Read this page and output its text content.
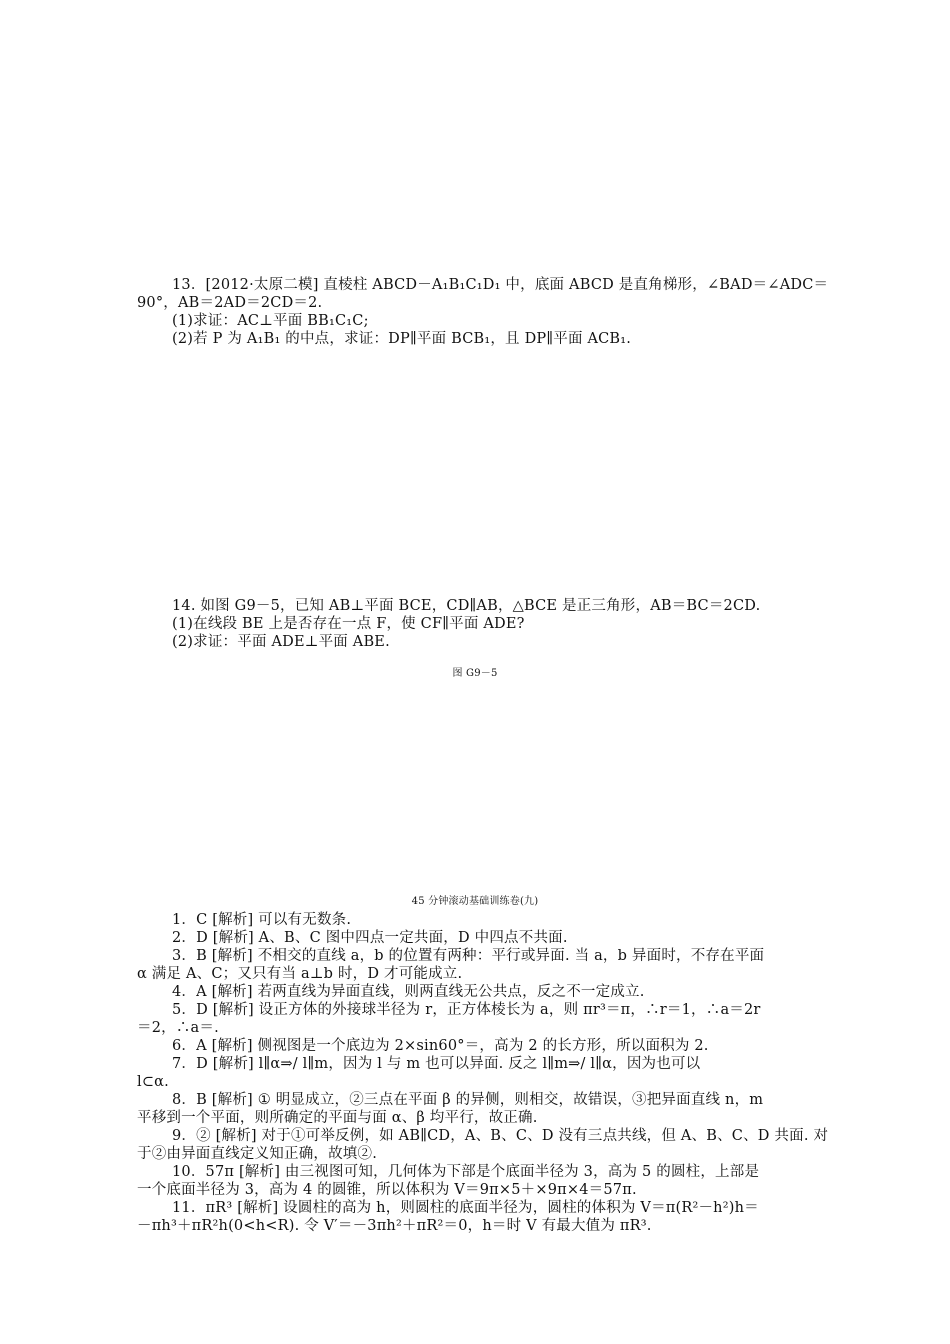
13．[2012·太原二模] 直棱柱 ABCD－A₁B₁C₁D₁ 中，底面 ABCD 是直角梯形，∠BAD＝∠ADC＝
90°，AB＝2AD＝2CD＝2.
(1)求证：AC⊥平面 BB₁C₁C;
(2)若 P 为 A₁B₁ 的中点，求证：DP∥平面 BCB₁，且 DP∥平面 ACB₁.
14. 如图 G9－5，已知 AB⊥平面 BCE，CD∥AB，△BCE 是正三角形，AB＝BC＝2CD.
(1)在线段 BE 上是否存在一点 F，使 CF∥平面 ADE?
(2)求证：平面 ADE⊥平面 ABE.
图 G9－5
45 分钟滚动基础训练卷(九)
1．C [解析] 可以有无数条.
2．D [解析] A、B、C 图中四点一定共面，D 中四点不共面.
3．B [解析] 不相交的直线 a，b 的位置有两种：平行或异面. 当 a，b 异面时，不存在平面
α 满足 A、C；又只有当 a⊥b 时，D 才可能成立.
4．A [解析] 若两直线为异面直线，则两直线无公共点，反之不一定成立.
5．D [解析] 设正方体的外接球半径为 r，正方体棱长为 a，则 πr³＝π，∴r＝1，∴a＝2r
＝2，∴a＝.
6．A [解析] 侧视图是一个底边为 2×sin60°＝，高为 2 的长方形，所以面积为 2.
7．D [解析] l∥α⇒/ l∥m，因为 l 与 m 也可以异面. 反之 l∥m⇒/ l∥α，因为也可以
l⊂α.
8．B [解析] ① 明显成立，②三点在平面 β 的异侧，则相交，故错误，③把异面直线 n，m
平移到一个平面，则所确定的平面与面 α、β 均平行，故正确.
9．② [解析] 对于①可举反例，如 AB∥CD，A、B、C、D 没有三点共线，但 A、B、C、D 共面. 对
于②由异面直线定义知正确，故填②.
10．57π [解析] 由三视图可知，几何体为下部是个底面半径为 3，高为 5 的圆柱，上部是
一个底面半径为 3，高为 4 的圆锥，所以体积为 V＝9π×5＋×9π×4＝57π.
11．πR³ [解析] 设圆柱的高为 h，则圆柱的底面半径为，圆柱的体积为 V＝π(R²－h²)h＝
－πh³＋πR²h(0<h<R). 令 V′＝－3πh²＋πR²＝0，h＝时 V 有最大值为 πR³.
